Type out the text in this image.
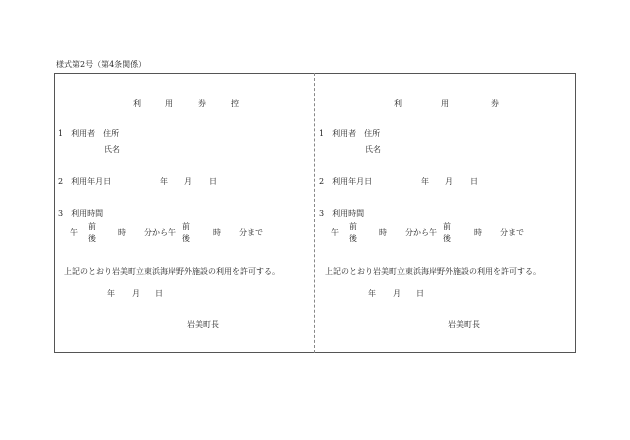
様式第2号（第4条関係）
利	用	券	控
1　利用者　住所
氏名
2　利用年月日	年 月 日
3　利用時間
午
前
後
時 分から午
前
後
時 分まで
上記のとおり岩美町立東浜海岸野外施設の利用を許可する。
年 月 日
岩美町長
利	用	券
1　利用者　住所
氏名
2　利用年月日	年 月 日
3　利用時間
午
前
後
時 分から午
前
後
時 分まで
上記のとおり岩美町立東浜海岸野外施設の利用を許可する。
年 月 日
岩美町長
